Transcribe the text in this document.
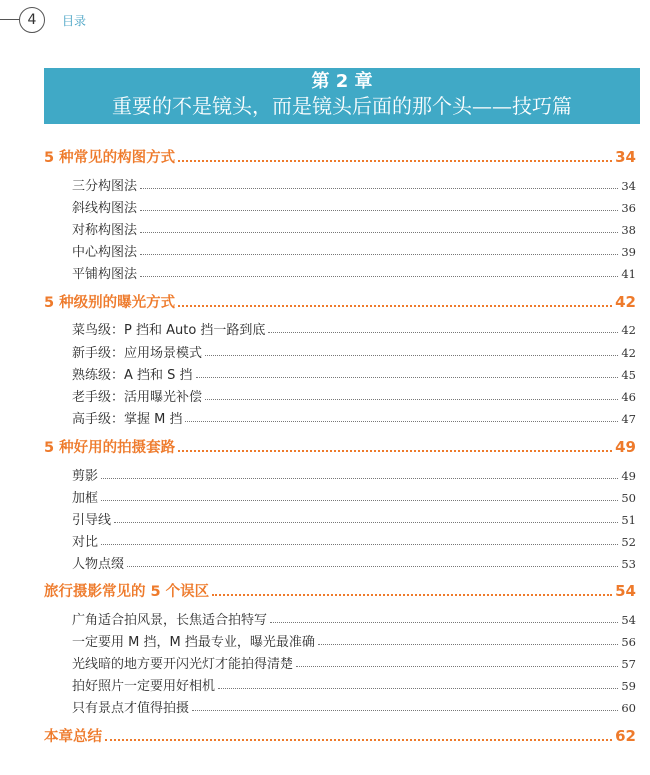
4	目录
第 2 章
重要的不是镜头，而是镜头后面的那个头——技巧篇
5 种常见的构图方式	34
三分构图法	34
斜线构图法	36
对称构图法	38
中心构图法	39
平铺构图法	41
5 种级别的曝光方式	42
菜鸟级：P 挡和 Auto 挡一路到底	42
新手级：应用场景模式	42
熟练级：A 挡和 S 挡	45
老手级：活用曝光补偿	46
高手级：掌握 M 挡	47
5 种好用的拍摄套路	49
剪影	49
加框	50
引导线	51
对比	52
人物点缀	53
旅行摄影常见的 5 个误区	54
广角适合拍风景，长焦适合拍特写	54
一定要用 M 挡，M 挡最专业，曝光最准确	56
光线暗的地方要开闪光灯才能拍得清楚	57
拍好照片一定要用好相机	59
只有景点才值得拍摄	60
本章总结	62
